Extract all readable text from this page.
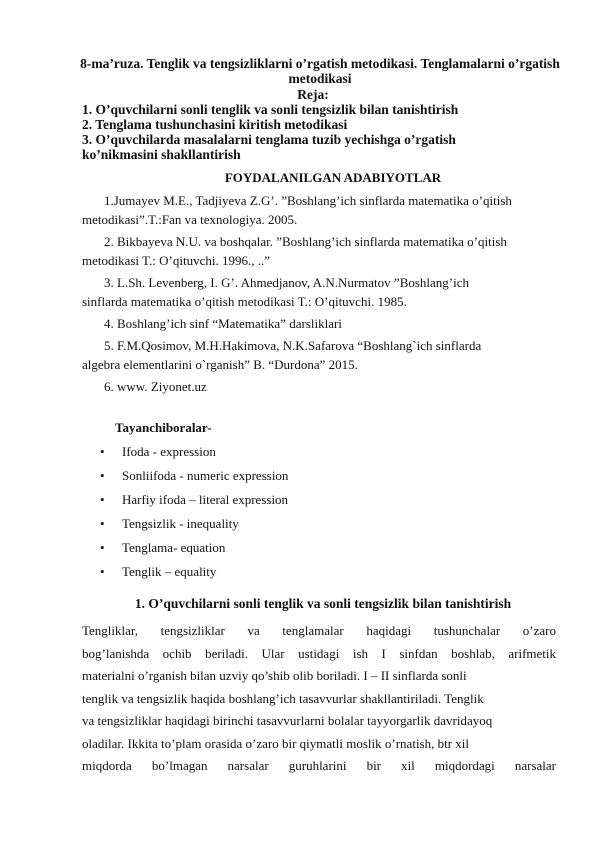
8-ma’ruza. Tenglik va tengsizliklarni o’rgatish metodikasi. Tenglamalarni o’rgatish metodikasi
Reja:
1. O’quvchilarni sonli tenglik va sonli tengsizlik bilan tanishtirish
2. Tenglama tushunchasini kiritish metodikasi
3. O’quvchilarda masalalarni tenglama tuzib yechishga o’rgatish
ko’nikmasini shakllantirish
FOYDALANILGAN ADABIYOTLAR
1.Jumayev M.E., Tadjiyeva Z.G’. ”Boshlang’ich sinflarda matematika o’qitish
metodikasi”.T.:Fan va texnologiya. 2005.
2. Bikbayeva N.U. va boshqalar. ”Boshlang’ich sinflarda matematika o’qitish
metodikasi T.: O’qituvchi. 1996., ..”
3. L.Sh. Levenberg, I. G’. Ahmedjanov, A.N.Nurmatov ”Boshlang’ich
sinflarda matematika o’qitish metodikasi T.: O’qituvchi. 1985.
4. Boshlang’ich sinf “Matematika” darsliklari
5. F.M.Qosimov, M.H.Hakimova, N.K.Safarova “Boshlang`ich sinflarda
algebra elementlarini o`rganish” B. “Durdona” 2015.
6. www. Ziyonet.uz
Tayanchiboralar-
• Ifoda - expression
• Sonliifoda - numeric expression
• Harfiy ifoda – literal expression
• Tengsizlik - inequality
• Tenglama- equation
• Tenglik – equality
1. O’quvchilarni sonli tenglik va sonli tengsizlik bilan tanishtirish
Tengliklar, tengsizliklar va tenglamalar haqidagi tushunchalar o’zaro
bog’lanishda ochib beriladi. Ular ustidagi ish I sinfdan boshlab, arifmetik
materialni o’rganish bilan uzviy qo’shib olib boriladi. I – II sinflarda sonli
tenglik va tengsizlik haqida boshlang’ich tasavvurlar shakllantiriladi. Tenglik
va tengsizliklar haqidagi birinchi tasavvurlarni bolalar tayyorgarlik davridayoq
oladilar. Ikkita to’plam orasida o’zaro bir qiymatli moslik o’rnatish, btr xil
miqdorda bo’lmagan narsalar guruhlarini bir xil miqdordagi narsalar
